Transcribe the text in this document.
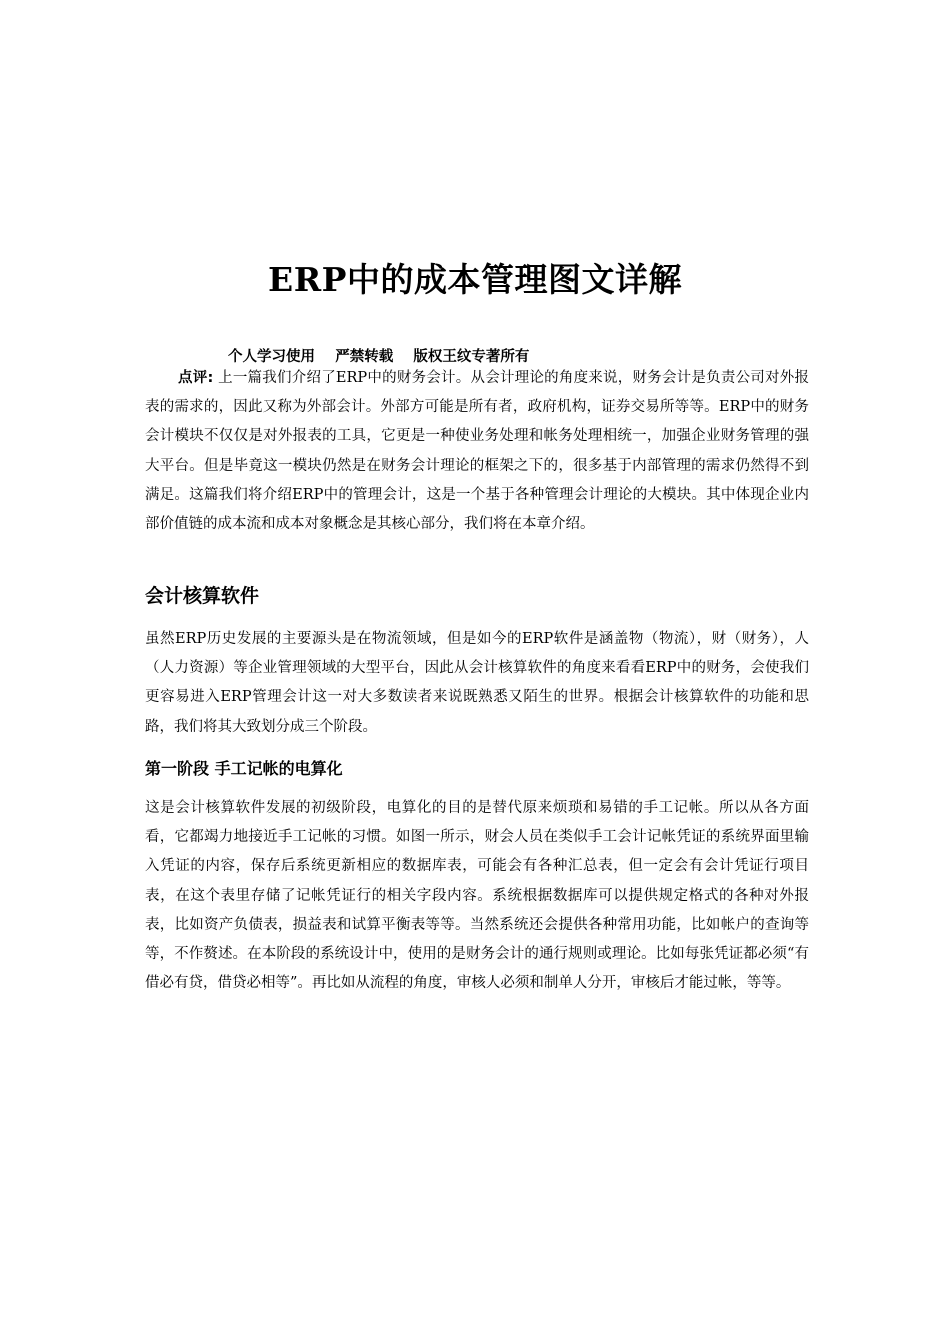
ERP中的成本管理图文详解
个人学习使用    严禁转载    版权王纹专著所有
点评: 上一篇我们介绍了ERP中的财务会计。从会计理论的角度来说，财务会计是负责公司对外报表的需求的，因此又称为外部会计。外部方可能是所有者，政府机构，证券交易所等等。ERP中的财务会计模块不仅仅是对外报表的工具，它更是一种使业务处理和帐务处理相统一，加强企业财务管理的强大平台。但是毕竟这一模块仍然是在财务会计理论的框架之下的，很多基于内部管理的需求仍然得不到满足。这篇我们将介绍ERP中的管理会计，这是一个基于各种管理会计理论的大模块。其中体现企业内部价值链的成本流和成本对象概念是其核心部分，我们将在本章介绍。
会计核算软件
虽然ERP历史发展的主要源头是在物流领域，但是如今的ERP软件是涵盖物（物流），财（财务），人（人力资源）等企业管理领域的大型平台，因此从会计核算软件的角度来看看ERP中的财务，会使我们更容易进入ERP管理会计这一对大多数读者来说既熟悉又陌生的世界。根据会计核算软件的功能和思路，我们将其大致划分成三个阶段。
第一阶段 手工记帐的电算化
这是会计核算软件发展的初级阶段，电算化的目的是替代原来烦琐和易错的手工记帐。所以从各方面看，它都竭力地接近手工记帐的习惯。如图一所示，财会人员在类似手工会计记帐凭证的系统界面里输入凭证的内容，保存后系统更新相应的数据库表，可能会有各种汇总表，但一定会有会计凭证行项目表，在这个表里存储了记帐凭证行的相关字段内容。系统根据数据库可以提供规定格式的各种对外报表，比如资产负债表，损益表和试算平衡表等等。当然系统还会提供各种常用功能，比如帐户的查询等等，不作赘述。在本阶段的系统设计中，使用的是财务会计的通行规则或理论。比如每张凭证都必须“有借必有贷，借贷必相等”。再比如从流程的角度，审核人必须和制单人分开，审核后才能过帐，等等。
